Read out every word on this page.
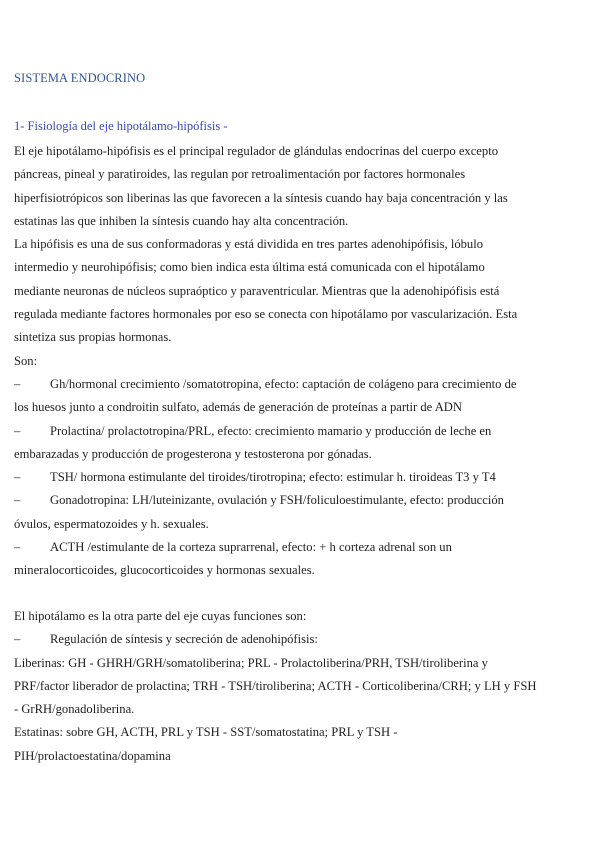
SISTEMA ENDOCRINO
1- Fisiología del eje hipotálamo-hipófisis -
El eje hipotálamo-hipófisis es el principal regulador de glándulas endocrinas del cuerpo excepto
páncreas, pineal y paratiroides, las regulan por retroalimentación por factores hormonales
hiperfisiotrópicos son liberinas las que favorecen a la síntesis cuando hay baja concentración y las
estatinas las que inhiben la síntesis cuando hay alta concentración.
La hipófisis es una de sus conformadoras y está dividida en tres partes adenohipófisis, lóbulo
intermedio y neurohipófisis; como bien indica esta última está comunicada con el hipotálamo
mediante neuronas de núcleos supraóptico y paraventricular. Mientras que la adenohipófisis está
regulada mediante factores hormonales por eso se conecta con hipotálamo por vascularización. Esta
sintetiza sus propias hormonas.
Son:
– Gh/hormonal crecimiento /somatotropina, efecto: captación de colágeno para crecimiento de
los huesos junto a condroitin sulfato, además de generación de proteínas a partir de ADN
– Prolactina/ prolactotropina/PRL, efecto: crecimiento mamario y producción de leche en
embarazadas y producción de progesterona y testosterona por gónadas.
– TSH/ hormona estimulante del tiroides/tirotropina; efecto: estimular h. tiroideas T3 y T4
– Gonadotropina: LH/luteinizante, ovulación y FSH/foliculoestimulante, efecto: producción
óvulos, espermatozoides y h. sexuales.
– ACTH /estimulante de la corteza suprarrenal, efecto: + h corteza adrenal son un
mineralocorticoides, glucocorticoides y hormonas sexuales.
El hipotálamo es la otra parte del eje cuyas funciones son:
– Regulación de síntesis y secreción de adenohipófisis:
Liberinas: GH - GHRH/GRH/somatoliberina; PRL - Prolactoliberina/PRH, TSH/tiroliberina y
PRF/factor liberador de prolactina; TRH - TSH/tiroliberina; ACTH - Corticoliberina/CRH; y LH y FSH
- GrRH/gonadoliberina.
Estatinas: sobre GH, ACTH, PRL y TSH - SST/somatostatina; PRL y TSH -
PIH/prolactoestatina/dopamina
